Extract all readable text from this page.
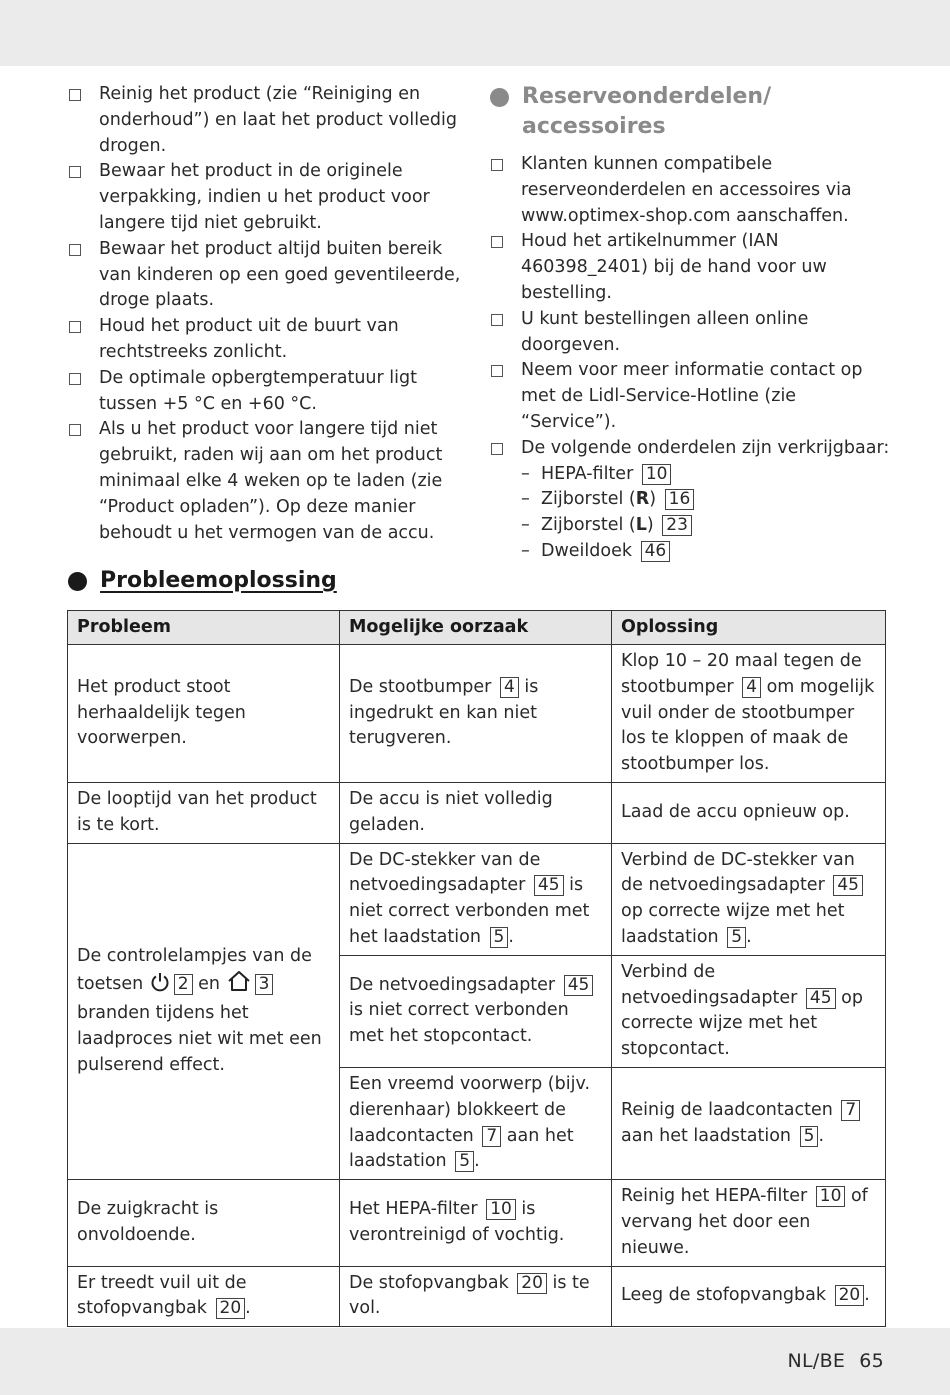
Reinig het product (zie “Reiniging en onderhoud”) en laat het product volledig drogen.
Bewaar het product in de originele verpakking, indien u het product voor langere tijd niet gebruikt.
Bewaar het product altijd buiten bereik van kinderen op een goed geventileerde, droge plaats.
Houd het product uit de buurt van rechtstreeks zonlicht.
De optimale opbergtemperatuur ligt tussen +5 °C en +60 °C.
Als u het product voor langere tijd niet gebruikt, raden wij aan om het product minimaal elke 4 weken op te laden (zie “Product opladen”). Op deze manier behoudt u het vermogen van de accu.
Reserveonderdelen/ accessoires
Klanten kunnen compatibele reserveonderdelen en accessoires via www.optimex-shop.com aanschaffen.
Houd het artikelnummer (IAN 460398_2401) bij de hand voor uw bestelling.
U kunt bestellingen alleen online doorgeven.
Neem voor meer informatie contact op met de Lidl-Service-Hotline (zie “Service”).
De volgende onderdelen zijn verkrijgbaar:
– HEPA-filter 10
– Zijborstel (R) 16
– Zijborstel (L) 23
– Dweildoek 46
Probleemoplossing
Probleem	Mogelijke oorzaak	Oplossing
Het product stoot herhaaldelijk tegen voorwerpen.	De stootbumper 4 is ingedrukt en kan niet terugveren.	Klop 10 – 20 maal tegen de stootbumper 4 om mogelijk vuil onder de stootbumper los te kloppen of maak de stootbumper los.
De looptijd van het product is te kort.	De accu is niet volledig geladen.	Laad de accu opnieuw op.
De controlelampjes van de toetsen 2 en 3 branden tijdens het laadproces niet wit met een pulserend effect.	De DC-stekker van de netvoedingsadapter 45 is niet correct verbonden met het laadstation 5 .	Verbind de DC-stekker van de netvoedingsadapter 45 op correcte wijze met het laadstation 5 .
	De netvoedingsadapter 45 is niet correct verbonden met het stopcontact.	Verbind de netvoedingsadapter 45 op correcte wijze met het stopcontact.
	Een vreemd voorwerp (bijv. dierenhaar) blokkeert de laadcontacten 7 aan het laadstation 5 .	Reinig de laadcontacten 7 aan het laadstation 5 .
De zuigkracht is onvoldoende.	Het HEPA-filter 10 is verontreinigd of vochtig.	Reinig het HEPA-filter 10 of vervang het door een nieuwe.
Er treedt vuil uit de stofopvangbak 20 .	De stofopvangbak 20 is te vol.	Leeg de stofopvangbak 20 .
NL/BE 65
